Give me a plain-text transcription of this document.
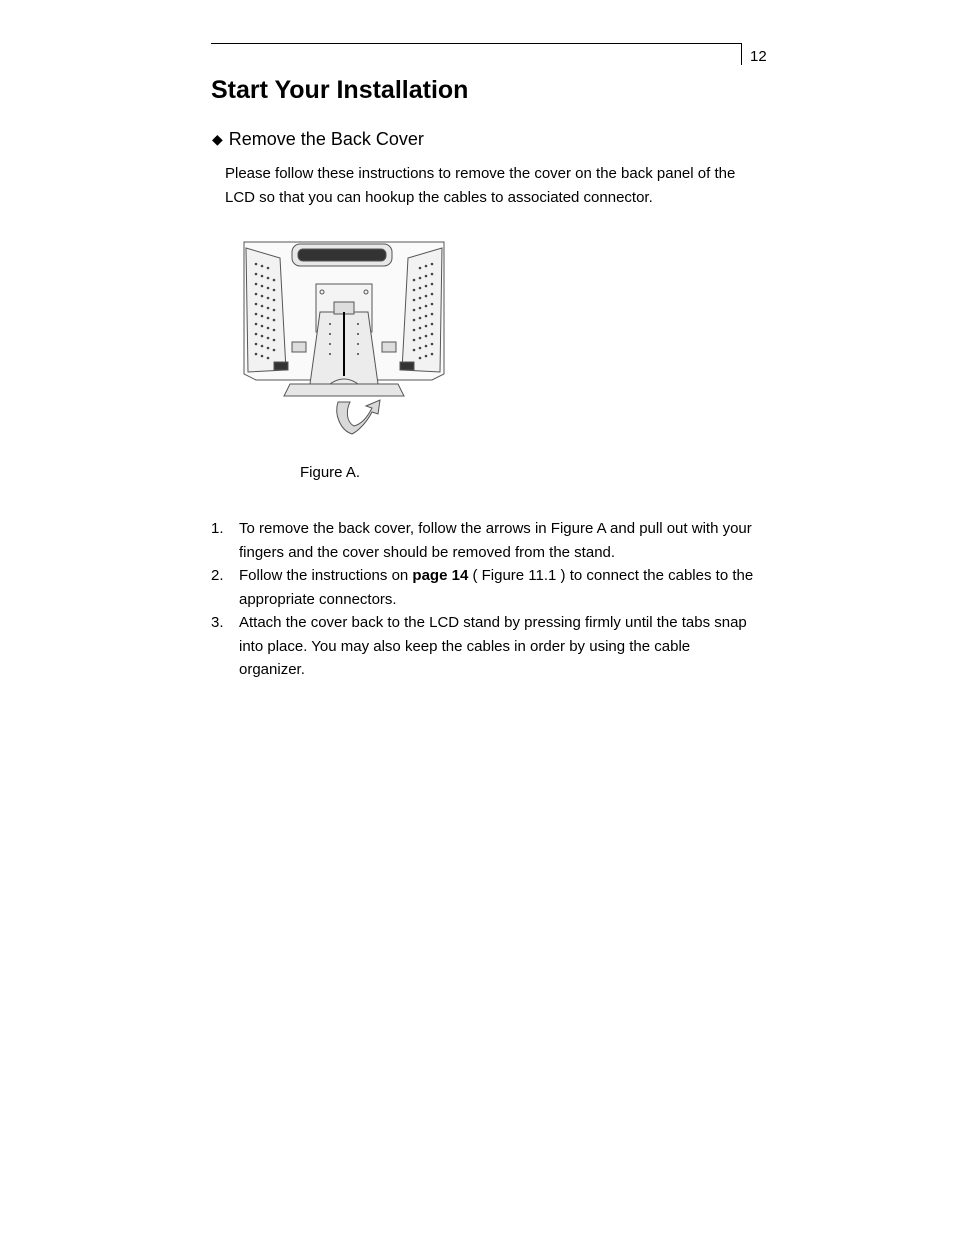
12
Start Your Installation
◆ Remove the Back Cover

Please follow these instructions to remove the cover on the back panel of the LCD so that you can hookup the cables to associated connector.

Figure A.
1. To remove the back cover, follow the arrows in Figure A and pull out with your fingers and the cover should be removed from the stand.
2. Follow the instructions on page 14 ( Figure 11.1 ) to connect the cables to the appropriate connectors.
3. Attach the cover back to the LCD stand by pressing firmly until the tabs snap into place. You may also keep the cables in order by using the cable organizer.
